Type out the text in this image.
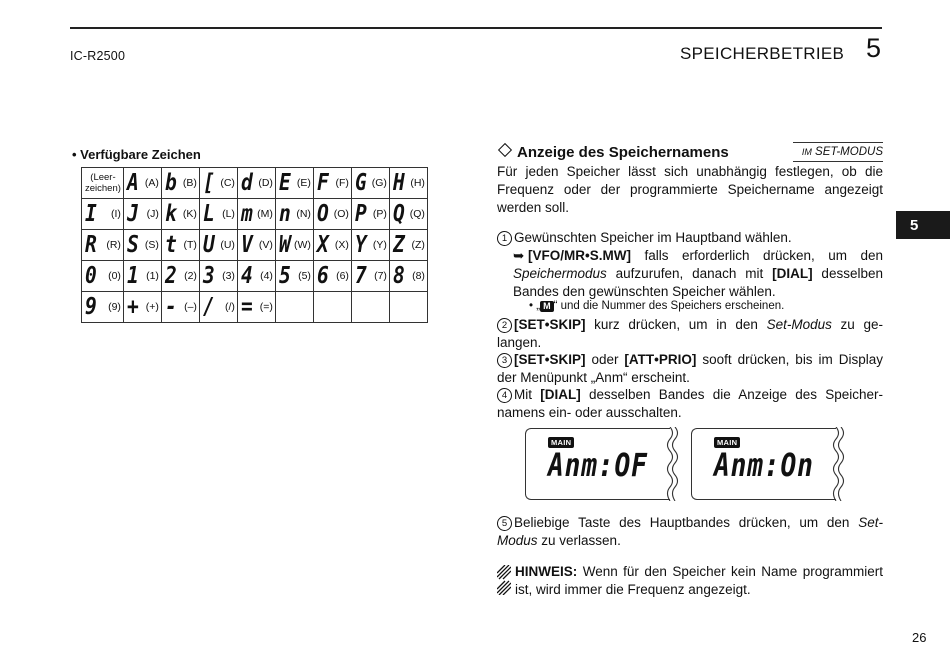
IC-R2500	SPEICHERBETRIEB 5
5
• Verfügbare Zeichen
(Leer-
zeichen)	A (A)	b (B)	[ (C)	d (D)	E (E)	F (F)	G (G)	H (H)

I (I)	J (J)	k (K)	L (L)	m (M)	n (N)	O (O)	P (P)	Q (Q)

R (R)	S (S)	t (T)	U (U)	V (V)	W (W)	X (X)	Y (Y)	Z (Z)

0 (0)	1 (1)	2 (2)	3 (3)	4 (4)	5 (5)	6 (6)	7 (7)	8 (8)

9 (9)	+ (+)	- (–)	/ (/)	= (=)				

Anzeige des Speichernamens	IM SET-MODUS
Für jeden Speicher lässt sich unabhängig festlegen, ob die Frequenz oder der programmierte Speichername angezeigt werden soll.
1 Gewünschten Speicher im Hauptband wählen.
➥ [VFO/MR•S.MW] falls erforderlich drücken, um den Speichermodus aufzurufen, danach mit [DIAL] desselben Bandes den gewünschten Speicher wählen.
• „ M “ und die Nummer des Speichers erscheinen.
2 [SET•SKIP] kurz drücken, um in den Set-Modus zu gelangen.
3 [SET•SKIP] oder [ATT•PRIO] sooft drücken, bis im Display der Menüpunkt „Anm“ erscheint.
4 Mit [DIAL] desselben Bandes die Anzeige des Speichernamens ein- oder ausschalten.
MAIN
Anm:OF
MAIN
Anm:On
5 Beliebige Taste des Hauptbandes drücken, um den Set-Modus zu verlassen.
HINWEIS: Wenn für den Speicher kein Name programmiert ist, wird immer die Frequenz angezeigt.
26
